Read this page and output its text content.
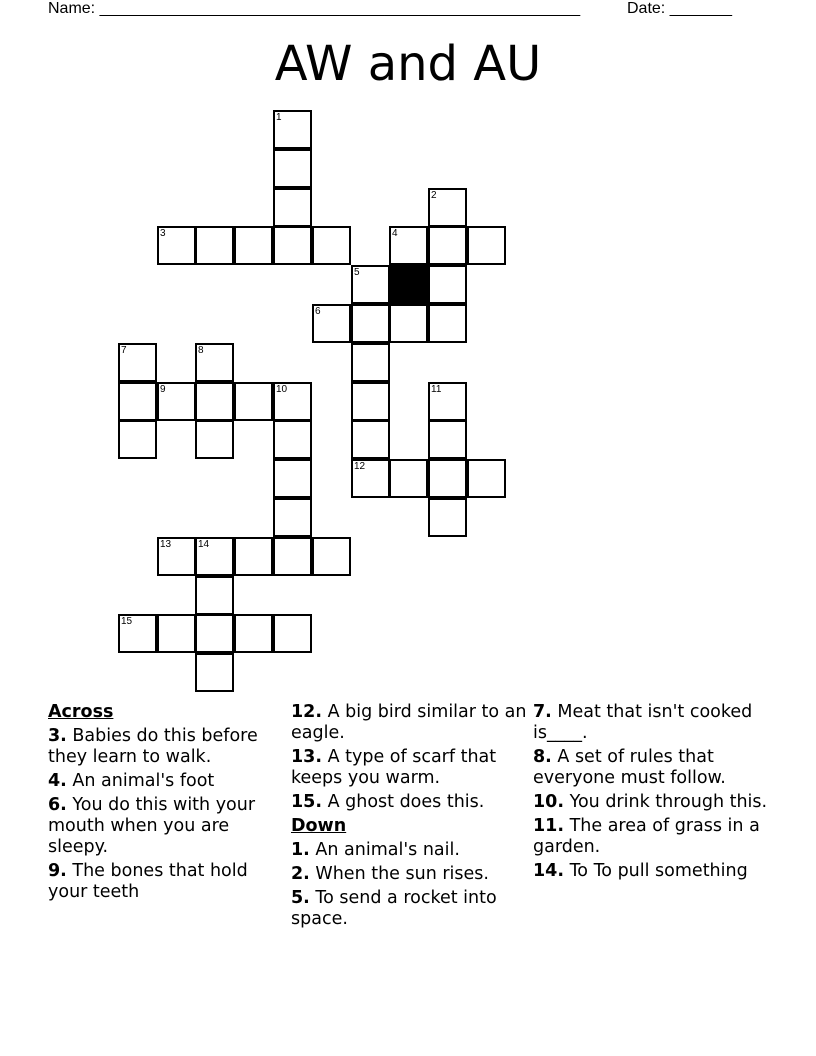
Name: ______________________________________________________	Date: _______
AW and AU
1
2
3	4
5
6
12
7	8
9	10	11
13	14
15
Across
3. Babies do this before they learn to walk.
4. An animal's foot
6. You do this with your mouth when you are sleepy.
9. The bones that hold your teeth
12. A big bird similar to an eagle.
13. A type of scarf that keeps you warm.
15. A ghost does this.
Down
1. An animal's nail.
2. When the sun rises.
5. To send a rocket into space.
7. Meat that isn't cooked is____.
8. A set of rules that everyone must follow.
10. You drink through this.
11. The area of grass in a garden.
14. To To pull something
